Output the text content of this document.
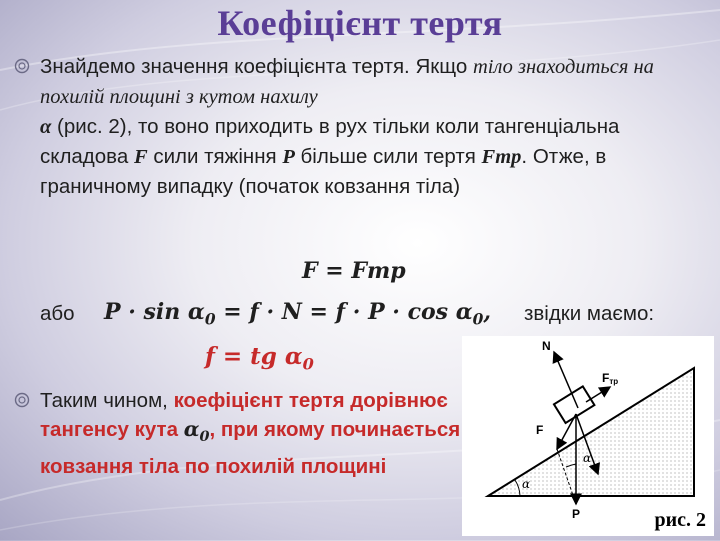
Коефіцієнт тертя
Знайдемо значення коефіцієнта тертя. Якщо тіло знаходиться на похилій площині з кутом нахилу
α (рис. 2), то воно приходить в рух тільки коли тангенціальна складова F сили тяжіння P більше сили тертя Fтр. Отже, в граничному випадку (початок ковзання тіла)
F = Fтр
або $P \cdot \sin \alpha_0 = f \cdot N = f \cdot P \cdot \cos \alpha_0$, звідки маємо:
f = tg $\alpha_0$
Таким чином, коефіцієнт тертя дорівнює тангенсу кута $\alpha_0$, при якому починається ковзання тіла по похилій площині
N
Fтр
F
P
α
α
рис. 2
